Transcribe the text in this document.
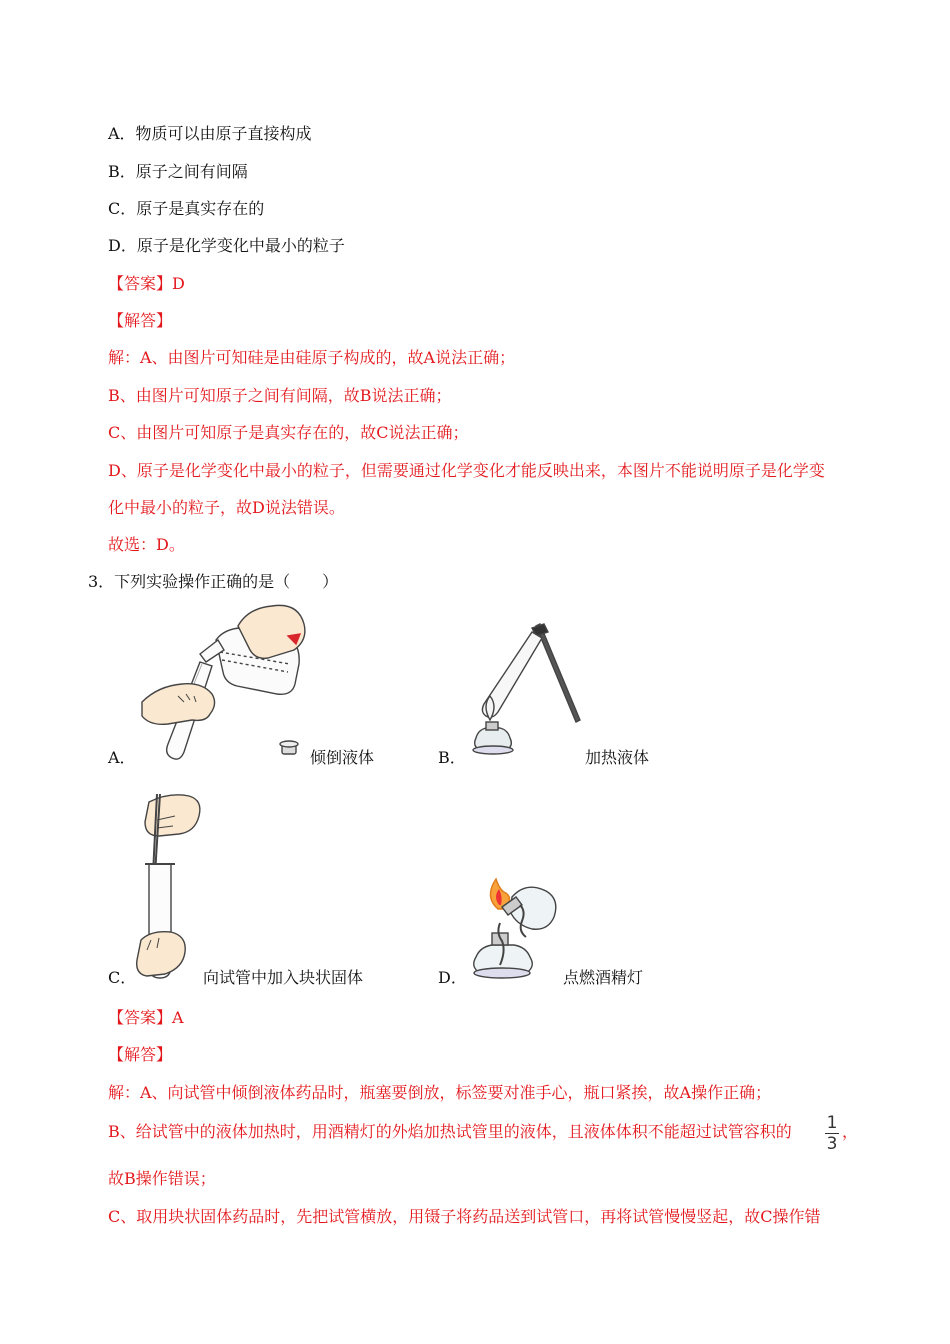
A．物质可以由原子直接构成
B．原子之间有间隔
C．原子是真实存在的
D．原子是化学变化中最小的粒子
【答案】D
【解答】
解：A、由图片可知硅是由硅原子构成的，故A说法正确；
B、由图片可知原子之间有间隔，故B说法正确；
C、由图片可知原子是真实存在的，故C说法正确；
D、原子是化学变化中最小的粒子，但需要通过化学变化才能反映出来，本图片不能说明原子是化学变
化中最小的粒子，故D说法错误。
故选：D。
3．下列实验操作正确的是（　　）
A．	倾倒液体	B．	加热液体
C．	向试管中加入块状固体	D．	点燃酒精灯
【答案】A
【解答】
解：A、向试管中倾倒液体药品时，瓶塞要倒放，标签要对准手心，瓶口紧挨，故A操作正确；
B、给试管中的液体加热时，用酒精灯的外焰加热试管里的液体，且液体体积不能超过试管容积的 1
3
，
故B操作错误；
C、取用块状固体药品时，先把试管横放，用镊子将药品送到试管口，再将试管慢慢竖起，故C操作错
